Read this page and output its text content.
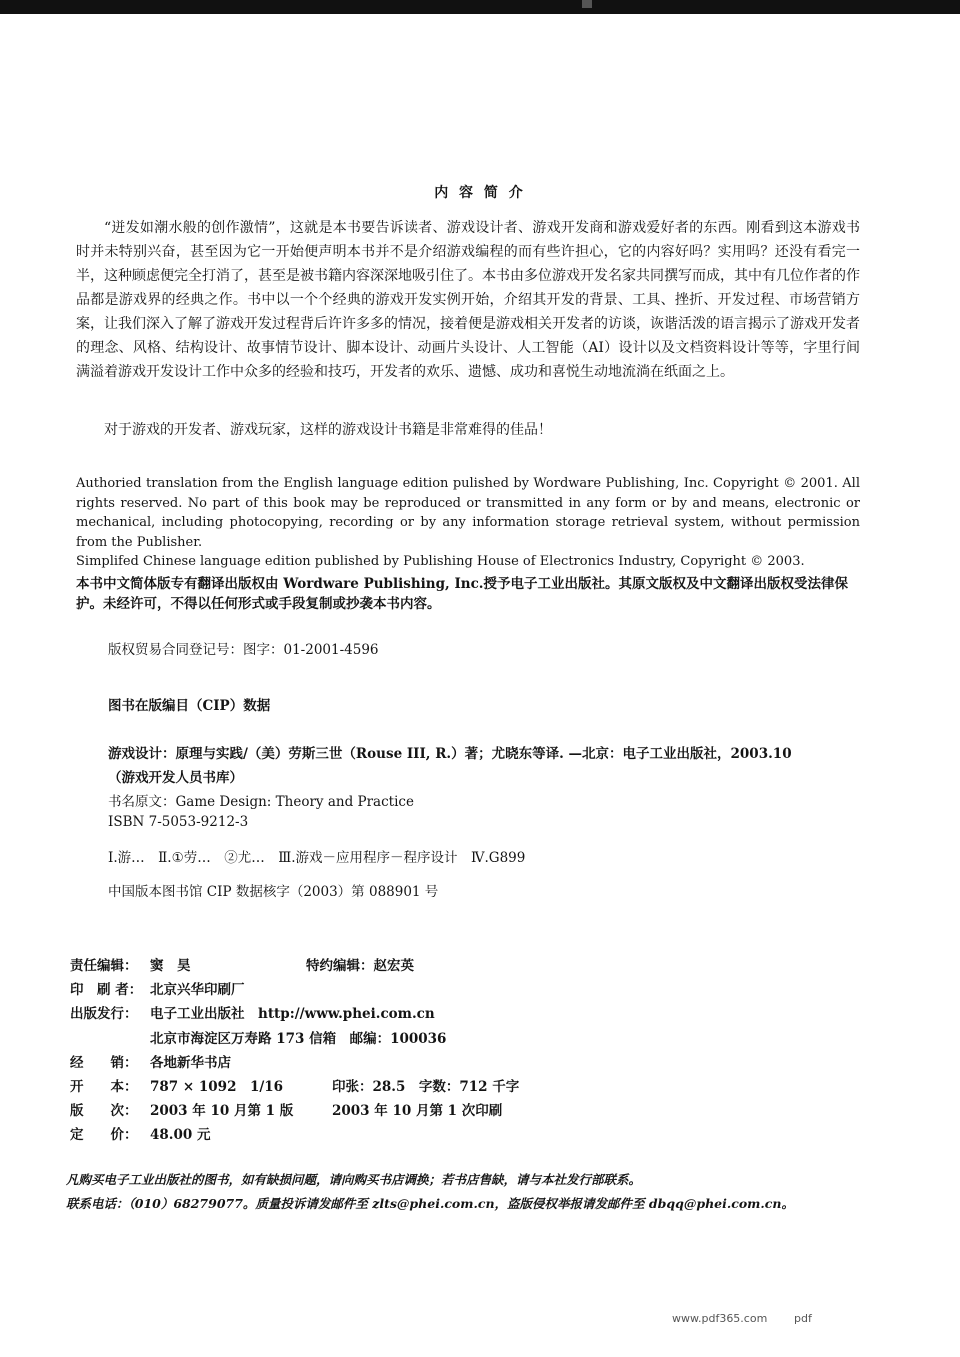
内 容 简 介

“迸发如潮水般的创作激情”，这就是本书要告诉读者、游戏设计者、游戏开发商和游戏爱好者的东西。刚看到这本游戏书时并未特别兴奋，甚至因为它一开始便声明本书并不是介绍游戏编程的而有些许担心，它的内容好吗？实用吗？还没有看完一半，这种顾虑便完全打消了，甚至是被书籍内容深深地吸引住了。本书由多位游戏开发名家共同撰写而成，其中有几位作者的作品都是游戏界的经典之作。书中以一个个经典的游戏开发实例开始，介绍其开发的背景、工具、挫折、开发过程、市场营销方案，让我们深入了解了游戏开发过程背后许许多多的情况，接着便是游戏相关开发者的访谈，诙谐活泼的语言揭示了游戏开发者的理念、风格、结构设计、故事情节设计、脚本设计、动画片头设计、人工智能（AI）设计以及文档资料设计等等，字里行间满溢着游戏开发设计工作中众多的经验和技巧，开发者的欢乐、遗憾、成功和喜悦生动地流淌在纸面之上。

对于游戏的开发者、游戏玩家，这样的游戏设计书籍是非常难得的佳品！

Authoried translation from the English language edition pulished by Wordware Publishing, Inc. Copyright © 2001. All rights reserved. No part of this book may be reproduced or transmitted in any form or by and means, electronic or mechanical, including photocopying, recording or by any information storage retrieval system, without permission from the Publisher.
Simplifed Chinese language edition published by Publishing House of Electronics Industry, Copyright © 2003.

本书中文简体版专有翻译出版权由 Wordware Publishing, Inc.授予电子工业出版社。其原文版权及中文翻译出版权受法律保护。未经许可，不得以任何形式或手段复制或抄袭本书内容。

版权贸易合同登记号：图字：01-2001-4596

图书在版编目（CIP）数据

游戏设计：原理与实践/（美）劳斯三世（Rouse III, R.）著；尤晓东等译. —北京：电子工业出版社，2003.10

（游戏开发人员书库）

书名原文：Game Design: Theory and Practice

ISBN 7-5053-9212-3

Ⅰ.游…　Ⅱ.①劳…　②尤…　Ⅲ.游戏－应用程序－程序设计　Ⅳ.G899

中国版本图书馆 CIP 数据核字（2003）第 088901 号

责任编辑： 窦　昊	特约编辑：赵宏英
印　刷 者： 北京兴华印刷厂
出版发行： 电子工业出版社　http://www.phei.com.cn
北京市海淀区万寿路 173 信箱　邮编：100036
经　　销： 各地新华书店
开　　本： 787 × 1092　1/16	印张：28.5　字数：712 千字
版　　次： 2003 年 10 月第 1 版	2003 年 10 月第 1 次印刷
定　　价： 48.00 元

凡购买电子工业出版社的图书，如有缺损问题，请向购买书店调换；若书店售缺，请与本社发行部联系。

联系电话：（010）68279077。质量投诉请发邮件至 zlts@phei.com.cn，盗版侵权举报请发邮件至 dbqq@phei.com.cn。

www.pdf365.com pdf
